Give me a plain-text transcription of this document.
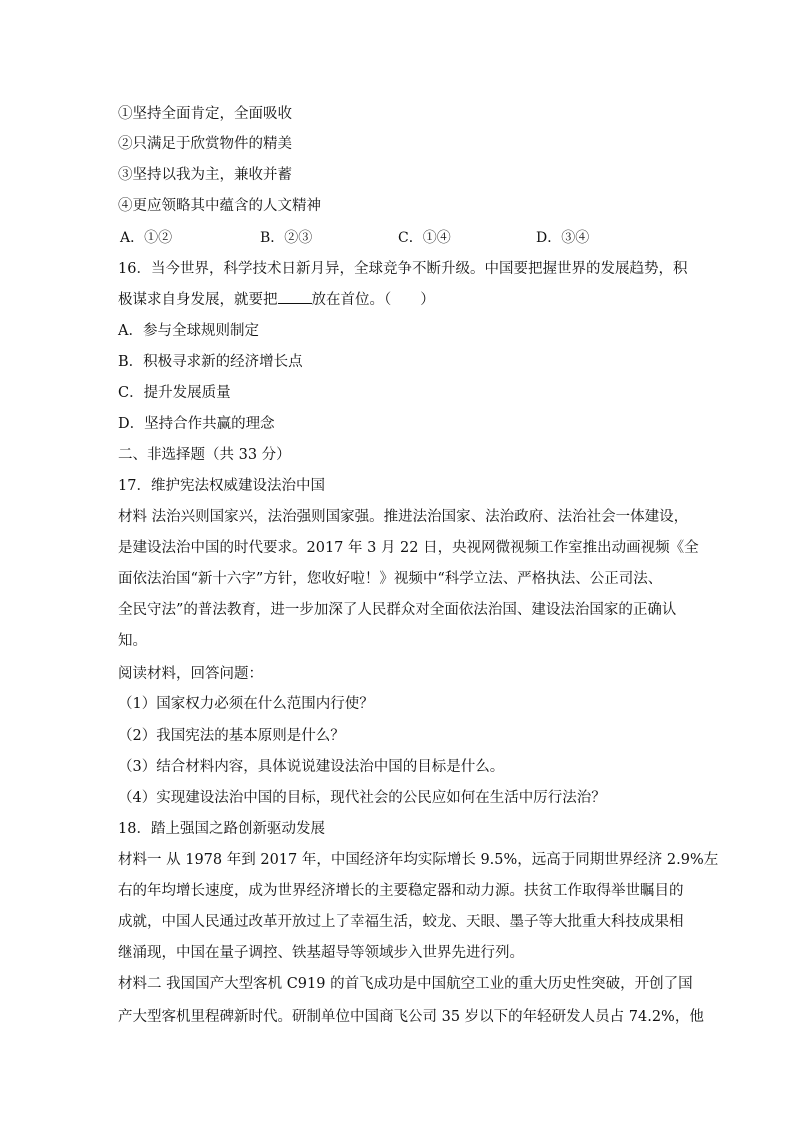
①坚持全面肯定，全面吸收
②只满足于欣赏物件的精美
③坚持以我为主，兼收并蓄
④更应领略其中蕴含的人文精神
A．①②	B．②③	C．①④	D．③④
16．当今世界，科学技术日新月异，全球竞争不断升级。中国要把握世界的发展趋势，积
极谋求自身发展，就要把 放在首位。（　　）
A．参与全球规则制定
B．积极寻求新的经济增长点
C．提升发展质量
D．坚持合作共赢的理念
二、非选择题（共 33 分）
17．维护宪法权威建设法治中国
材料 法治兴则国家兴，法治强则国家强。推进法治国家、法治政府、法治社会一体建设，
是建设法治中国的时代要求。2017 年 3 月 22 日，央视网微视频工作室推出动画视频《全
面依法治国“新十六字”方针，您收好啦！》视频中“科学立法、严格执法、公正司法、
全民守法”的普法教育，进一步加深了人民群众对全面依法治国、建设法治国家的正确认
知。
阅读材料，回答问题：
（1）国家权力必须在什么范围内行使？
（2）我国宪法的基本原则是什么？
（3）结合材料内容，具体说说建设法治中国的目标是什么。
（4）实现建设法治中国的目标，现代社会的公民应如何在生活中厉行法治？
18．踏上强国之路创新驱动发展
材料一 从 1978 年到 2017 年，中国经济年均实际增长 9.5%，远高于同期世界经济 2.9%左
右的年均增长速度，成为世界经济增长的主要稳定器和动力源。扶贫工作取得举世瞩目的
成就，中国人民通过改革开放过上了幸福生活，蛟龙、天眼、墨子等大批重大科技成果相
继涌现，中国在量子调控、铁基超导等领域步入世界先进行列。
材料二 我国国产大型客机 C919 的首飞成功是中国航空工业的重大历史性突破，开创了国
产大型客机里程碑新时代。研制单位中国商飞公司 35 岁以下的年轻研发人员占 74.2%，他
